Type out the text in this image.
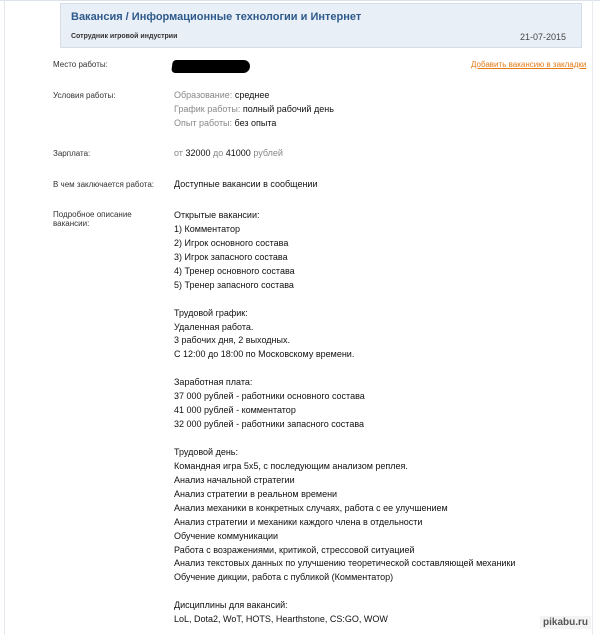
Вакансия / Информационные технологии и Интернет
Сотрудник игровой индустрии	21-07-2015
Место работы:	Добавить вакансию в закладки
Условия работы:	Образование: среднее
График работы: полный рабочий день
Опыт работы: без опыта
Зарплата:	от 32000 до 41000 рублей
В чем заключается работа:	Доступные вакансии в сообщении
Подробное описание вакансии:
Открытые вакансии:
1) Комментатор
2) Игрок основного состава
3) Игрок запасного состава
4) Тренер основного состава
5) Тренер запасного состава
Трудовой график:
Удаленная работа.
3 рабочих дня, 2 выходных.
С 12:00 до 18:00 по Московскому времени.
Заработная плата:
37 000 рублей - работники основного состава
41 000 рублей - комментатор
32 000 рублей - работники запасного состава
Трудовой день:
Командная игра 5х5, с последующим анализом реплея.
Анализ начальной стратегии
Анализ стратегии в реальном времени
Анализ механики в конкретных случаях, работа с ее улучшением
Анализ стратегии и механики каждого члена в отдельности
Обучение коммуникации
Работа с возражениями, критикой, стрессовой ситуацией
Анализ текстовых данных по улучшению теоретической составляющей механики
Обучение дикции, работа с публикой (Комментатор)
Дисциплины для вакансий:
LoL, Dota2, WoT, HOTS, Hearthstone, CS:GO, WOW	pikabu.ru
